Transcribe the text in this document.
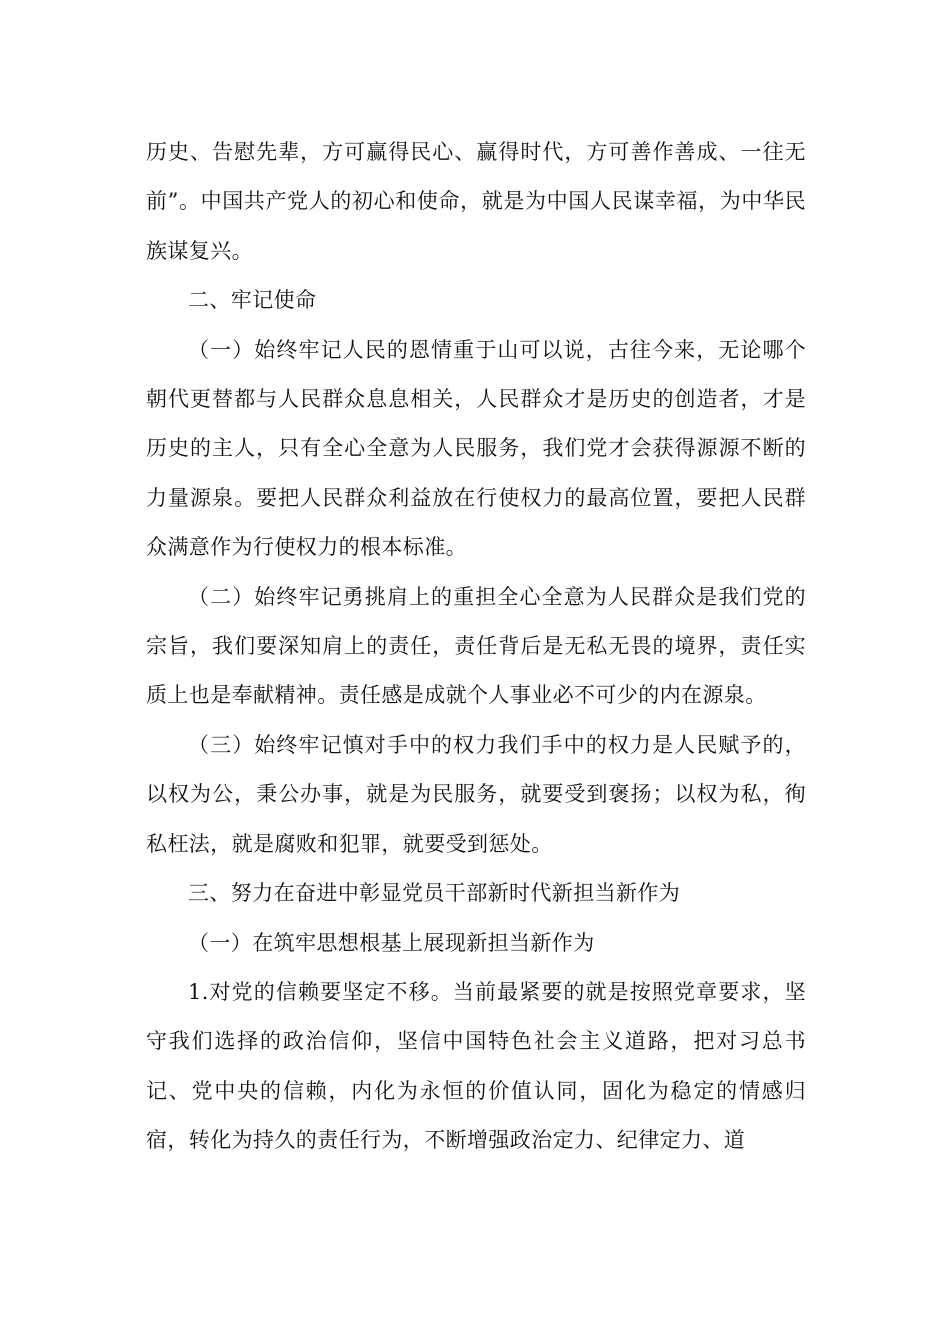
历史、告慰先辈，方可赢得民心、赢得时代，方可善作善成、一往无前”。中国共产党人的初心和使命，就是为中国人民谋幸福，为中华民族谋复兴。

二、牢记使命

（一）始终牢记人民的恩情重于山可以说，古往今来，无论哪个朝代更替都与人民群众息息相关，人民群众才是历史的创造者，才是历史的主人，只有全心全意为人民服务，我们党才会获得源源不断的力量源泉。要把人民群众利益放在行使权力的最高位置，要把人民群众满意作为行使权力的根本标准。

（二）始终牢记勇挑肩上的重担全心全意为人民群众是我们党的宗旨，我们要深知肩上的责任，责任背后是无私无畏的境界，责任实质上也是奉献精神。责任感是成就个人事业必不可少的内在源泉。

（三）始终牢记慎对手中的权力我们手中的权力是人民赋予的，以权为公，秉公办事，就是为民服务，就要受到褒扬；以权为私，徇私枉法，就是腐败和犯罪，就要受到惩处。

三、努力在奋进中彰显党员干部新时代新担当新作为

（一）在筑牢思想根基上展现新担当新作为

1.对党的信赖要坚定不移。当前最紧要的就是按照党章要求，坚守我们选择的政治信仰，坚信中国特色社会主义道路，把对习总书记、党中央的信赖，内化为永恒的价值认同，固化为稳定的情感归宿，转化为持久的责任行为，不断增强政治定力、纪律定力、道
